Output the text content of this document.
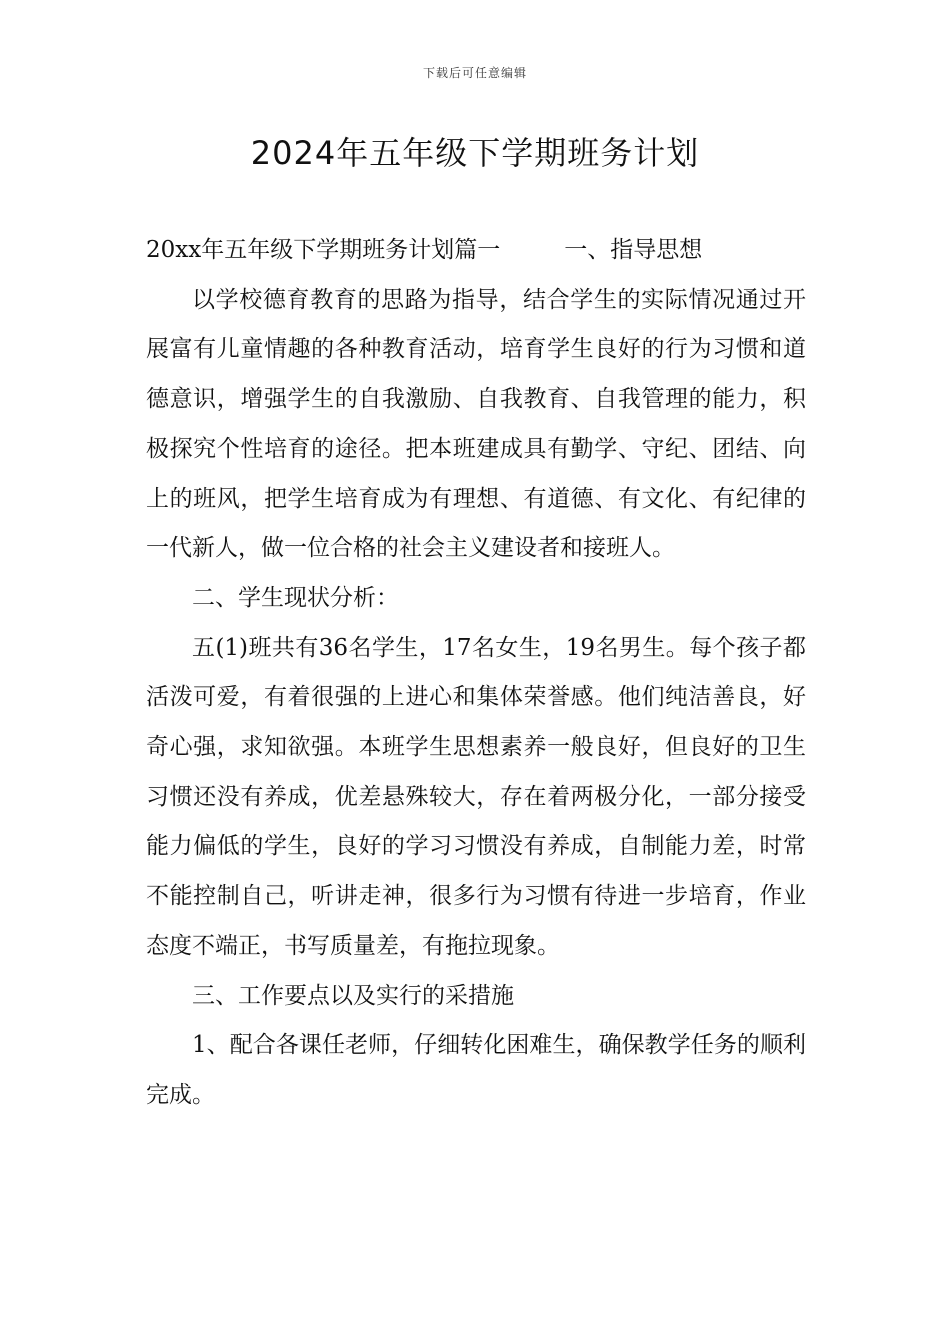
下载后可任意编辑
2024年五年级下学期班务计划
20xx年五年级下学期班务计划篇一	一、指导思想

以学校德育教育的思路为指导，结合学生的实际情况通过开展富有儿童情趣的各种教育活动，培育学生良好的行为习惯和道德意识，增强学生的自我激励、自我教育、自我管理的能力，积极探究个性培育的途径。把本班建成具有勤学、守纪、团结、向上的班风，把学生培育成为有理想、有道德、有文化、有纪律的一代新人，做一位合格的社会主义建设者和接班人。

二、学生现状分析：

五(1)班共有36名学生，17名女生，19名男生。每个孩子都活泼可爱，有着很强的上进心和集体荣誉感。他们纯洁善良，好奇心强，求知欲强。本班学生思想素养一般良好，但良好的卫生习惯还没有养成，优差悬殊较大，存在着两极分化，一部分接受能力偏低的学生，良好的学习习惯没有养成，自制能力差，时常不能控制自己，听讲走神，很多行为习惯有待进一步培育，作业态度不端正，书写质量差，有拖拉现象。

三、工作要点以及实行的采措施

1、配合各课任老师，仔细转化困难生，确保教学任务的顺利完成。
